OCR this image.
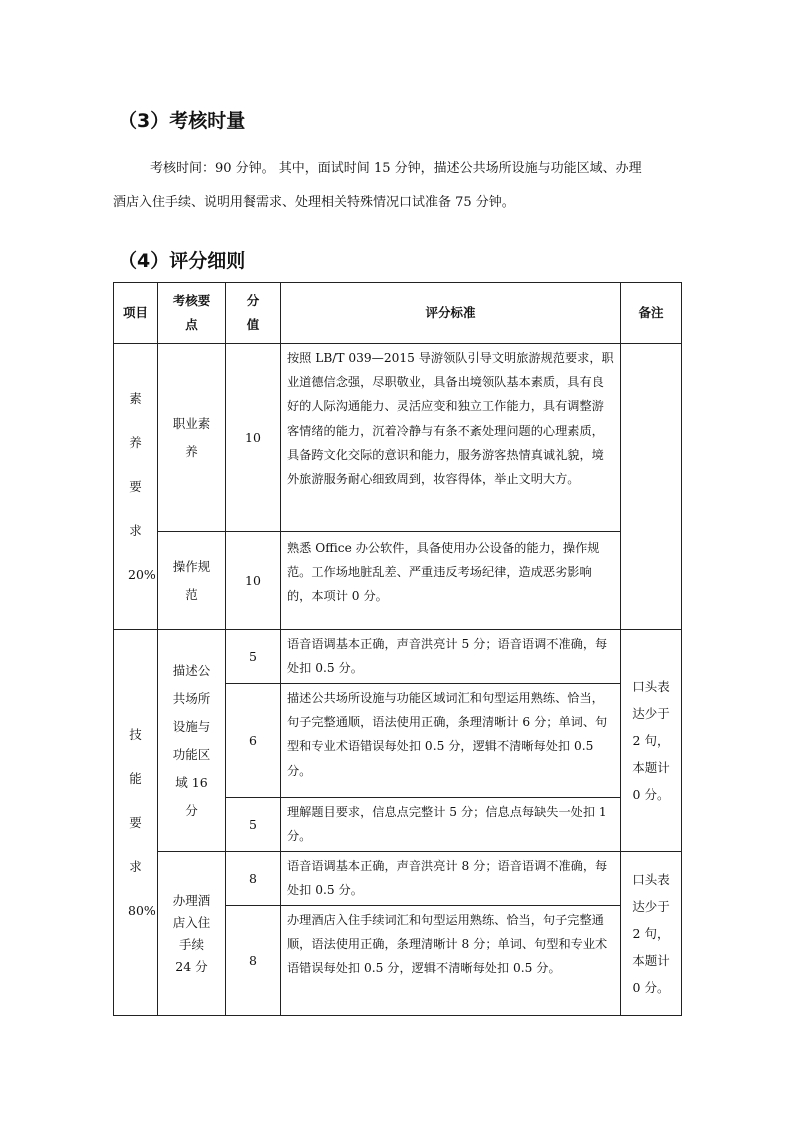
（3）考核时量
考核时间：90 分钟。 其中，面试时间 15 分钟，描述公共场所设施与功能区域、办理
酒店入住手续、说明用餐需求、处理相关特殊情况口试准备 75 分钟。
（4）评分细则
项目	考核要点	分值	评分标准	备注
素养要求20%	职业素养	10	按照 LB/T 039—2015 导游领队引导文明旅游规范要求，职业道德信念强，尽职敬业，具备出境领队基本素质，具有良好的人际沟通能力、灵活应变和独立工作能力，具有调整游客情绪的能力，沉着冷静与有条不紊处理问题的心理素质，具备跨文化交际的意识和能力，服务游客热情真诚礼貌，境外旅游服务耐心细致周到，妆容得体，举止文明大方。	
	操作规范	10	熟悉 Office 办公软件，具备使用办公设备的能力，操作规范。工作场地脏乱差、严重违反考场纪律，造成恶劣影响的，本项计 0 分。	
技能要求80%	描述公共场所设施与功能区域 16 分	5	语音语调基本正确，声音洪亮计 5 分；语音语调不准确，每处扣 0.5 分。	口头表达少于 2 句，本题计 0 分。
		6	描述公共场所设施与功能区域词汇和句型运用熟练、恰当，句子完整通顺，语法使用正确，条理清晰计 6 分；单词、句型和专业术语错误每处扣 0.5 分，逻辑不清晰每处扣 0.5 分。	
		5	理解题目要求，信息点完整计 5 分；信息点每缺失一处扣 1 分。	
	办理酒店入住手续 24 分	8	语音语调基本正确，声音洪亮计 8 分；语音语调不准确，每处扣 0.5 分。	口头表达少于 2 句，本题计 0 分。
		8	办理酒店入住手续词汇和句型运用熟练、恰当，句子完整通顺，语法使用正确，条理清晰计 8 分；单词、句型和专业术语错误每处扣 0.5 分，逻辑不清晰每处扣 0.5 分。	
